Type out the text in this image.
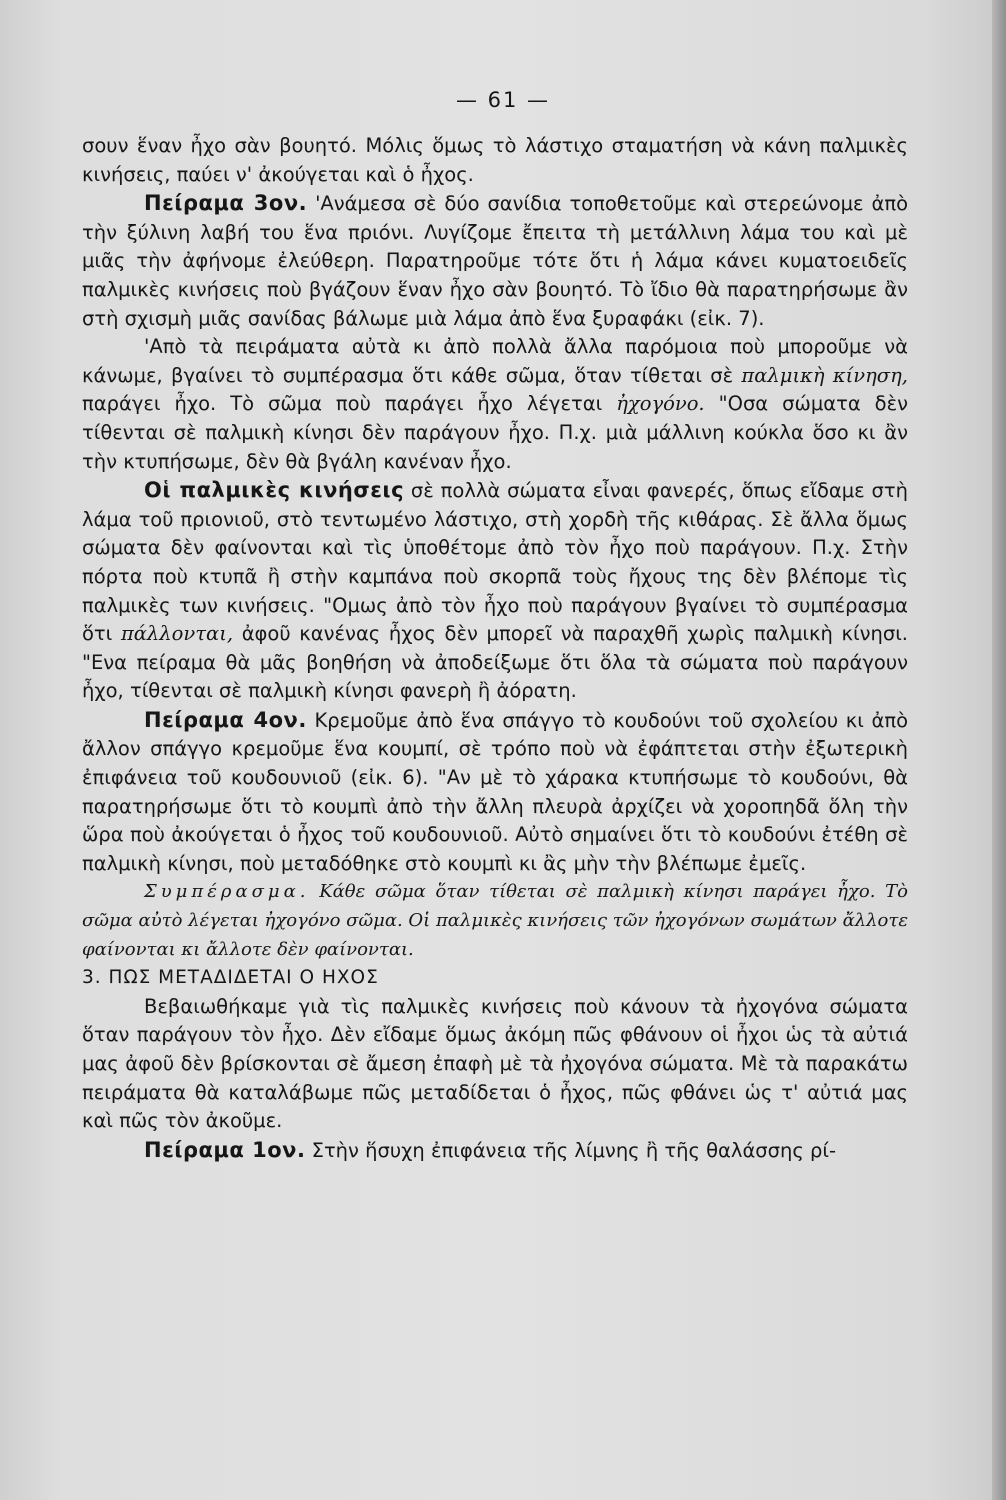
— 61 —

σουν ἕναν ἦχο σὰν βουητό. Μόλις ὅμως τὸ λάστιχο σταματήση νὰ κάνη παλμικὲς κινήσεις, παύει ν' ἀκούγεται καὶ ὁ ἦχος.

Πείραμα 3ον. 'Ανάμεσα σὲ δύο σανίδια τοποθετοῦμε καὶ στερεώνομε ἀπὸ τὴν ξύλινη λαβή του ἕνα πριόνι. Λυγίζομε ἔπειτα τὴ μετάλλινη λάμα του καὶ μὲ μιᾶς τὴν ἀφήνομε ἐλεύθερη. Παρατηροῦμε τότε ὅτι ἡ λάμα κάνει κυματοειδεῖς παλμικὲς κινήσεις ποὺ βγάζουν ἕναν ἦχο σὰν βουητό. Τὸ ἴδιο θὰ παρατηρήσωμε ἂν στὴ σχισμὴ μιᾶς σανίδας βάλωμε μιὰ λάμα ἀπὸ ἕνα ξυραφάκι (εἰκ. 7).

'Απὸ τὰ πειράματα αὐτὰ κι ἀπὸ πολλὰ ἄλλα παρόμοια ποὺ μποροῦμε νὰ κάνωμε, βγαίνει τὸ συμπέρασμα ὅτι κάθε σῶμα, ὅταν τίθεται σὲ παλμικὴ κίνηση, παράγει ἦχο. Τὸ σῶμα ποὺ παράγει ἦχο λέγεται ἠχογόνο. "Οσα σώματα δὲν τίθενται σὲ παλμικὴ κίνησι δὲν παράγουν ἦχο. Π.χ. μιὰ μάλλινη κούκλα ὅσο κι ἂν τὴν κτυπήσωμε, δὲν θὰ βγάλη κανέναν ἦχο.

Οἱ παλμικὲς κινήσεις σὲ πολλὰ σώματα εἶναι φανερές, ὅπως εἴδαμε στὴ λάμα τοῦ πριονιοῦ, στὸ τεντωμένο λάστιχο, στὴ χορδὴ τῆς κιθάρας. Σὲ ἄλλα ὅμως σώματα δὲν φαίνονται καὶ τὶς ὑποθέτομε ἀπὸ τὸν ἦχο ποὺ παράγουν. Π.χ. Στὴν πόρτα ποὺ κτυπᾶ ἢ στὴν καμπάνα ποὺ σκορπᾶ τοὺς ἤχους της δὲν βλέπομε τὶς παλμικὲς των κινήσεις. "Ομως ἀπὸ τὸν ἦχο ποὺ παράγουν βγαίνει τὸ συμπέρασμα ὅτι πάλλονται, ἀφοῦ κανένας ἦχος δὲν μπορεῖ νὰ παραχθῆ χωρὶς παλμικὴ κίνησι. "Ενα πείραμα θὰ μᾶς βοηθήση νὰ ἀποδείξωμε ὅτι ὅλα τὰ σώματα ποὺ παράγουν ἦχο, τίθενται σὲ παλμικὴ κίνησι φανερὴ ἢ ἀόρατη.

Πείραμα 4ον. Κρεμοῦμε ἀπὸ ἕνα σπάγγο τὸ κουδούνι τοῦ σχολείου κι ἀπὸ ἄλλον σπάγγο κρεμοῦμε ἕνα κουμπί, σὲ τρόπο ποὺ νὰ ἐφάπτεται στὴν ἐξωτερικὴ ἐπιφάνεια τοῦ κουδουνιοῦ (εἰκ. 6). "Αν μὲ τὸ χάρακα κτυπήσωμε τὸ κουδούνι, θὰ παρατηρήσωμε ὅτι τὸ κουμπὶ ἀπὸ τὴν ἄλλη πλευρὰ ἀρχίζει νὰ χοροπηδᾶ ὅλη τὴν ὥρα ποὺ ἀκούγεται ὁ ἦχος τοῦ κουδουνιοῦ. Αὐτὸ σημαίνει ὅτι τὸ κουδούνι ἐτέθη σὲ παλμικὴ κίνησι, ποὺ μεταδόθηκε στὸ κουμπὶ κι ἂς μὴν τὴν βλέπωμε ἐμεῖς.

Συμπέρασμα. Κάθε σῶμα ὅταν τίθεται σὲ παλμικὴ κίνησι παράγει ἦχο. Τὸ σῶμα αὐτὸ λέγεται ἠχογόνο σῶμα. Οἱ παλμικὲς κινήσεις τῶν ἠχογόνων σωμάτων ἄλλοτε φαίνονται κι ἄλλοτε δὲν φαίνονται.

3. ΠΩΣ ΜΕΤΑΔΙΔΕΤΑΙ Ο ΗΧΟΣ

Βεβαιωθήκαμε γιὰ τὶς παλμικὲς κινήσεις ποὺ κάνουν τὰ ἠχογόνα σώματα ὅταν παράγουν τὸν ἦχο. Δὲν εἴδαμε ὅμως ἀκόμη πῶς φθάνουν οἱ ἦχοι ὡς τὰ αὐτιά μας ἀφοῦ δὲν βρίσκονται σὲ ἄμεση ἐπαφὴ μὲ τὰ ἠχογόνα σώματα. Μὲ τὰ παρακάτω πειράματα θὰ καταλάβωμε πῶς μεταδίδεται ὁ ἦχος, πῶς φθάνει ὡς τ' αὐτιά μας καὶ πῶς τὸν ἀκοῦμε.

Πείραμα 1ον. Στὴν ἥσυχη ἐπιφάνεια τῆς λίμνης ἢ τῆς θαλάσσης ρί-
